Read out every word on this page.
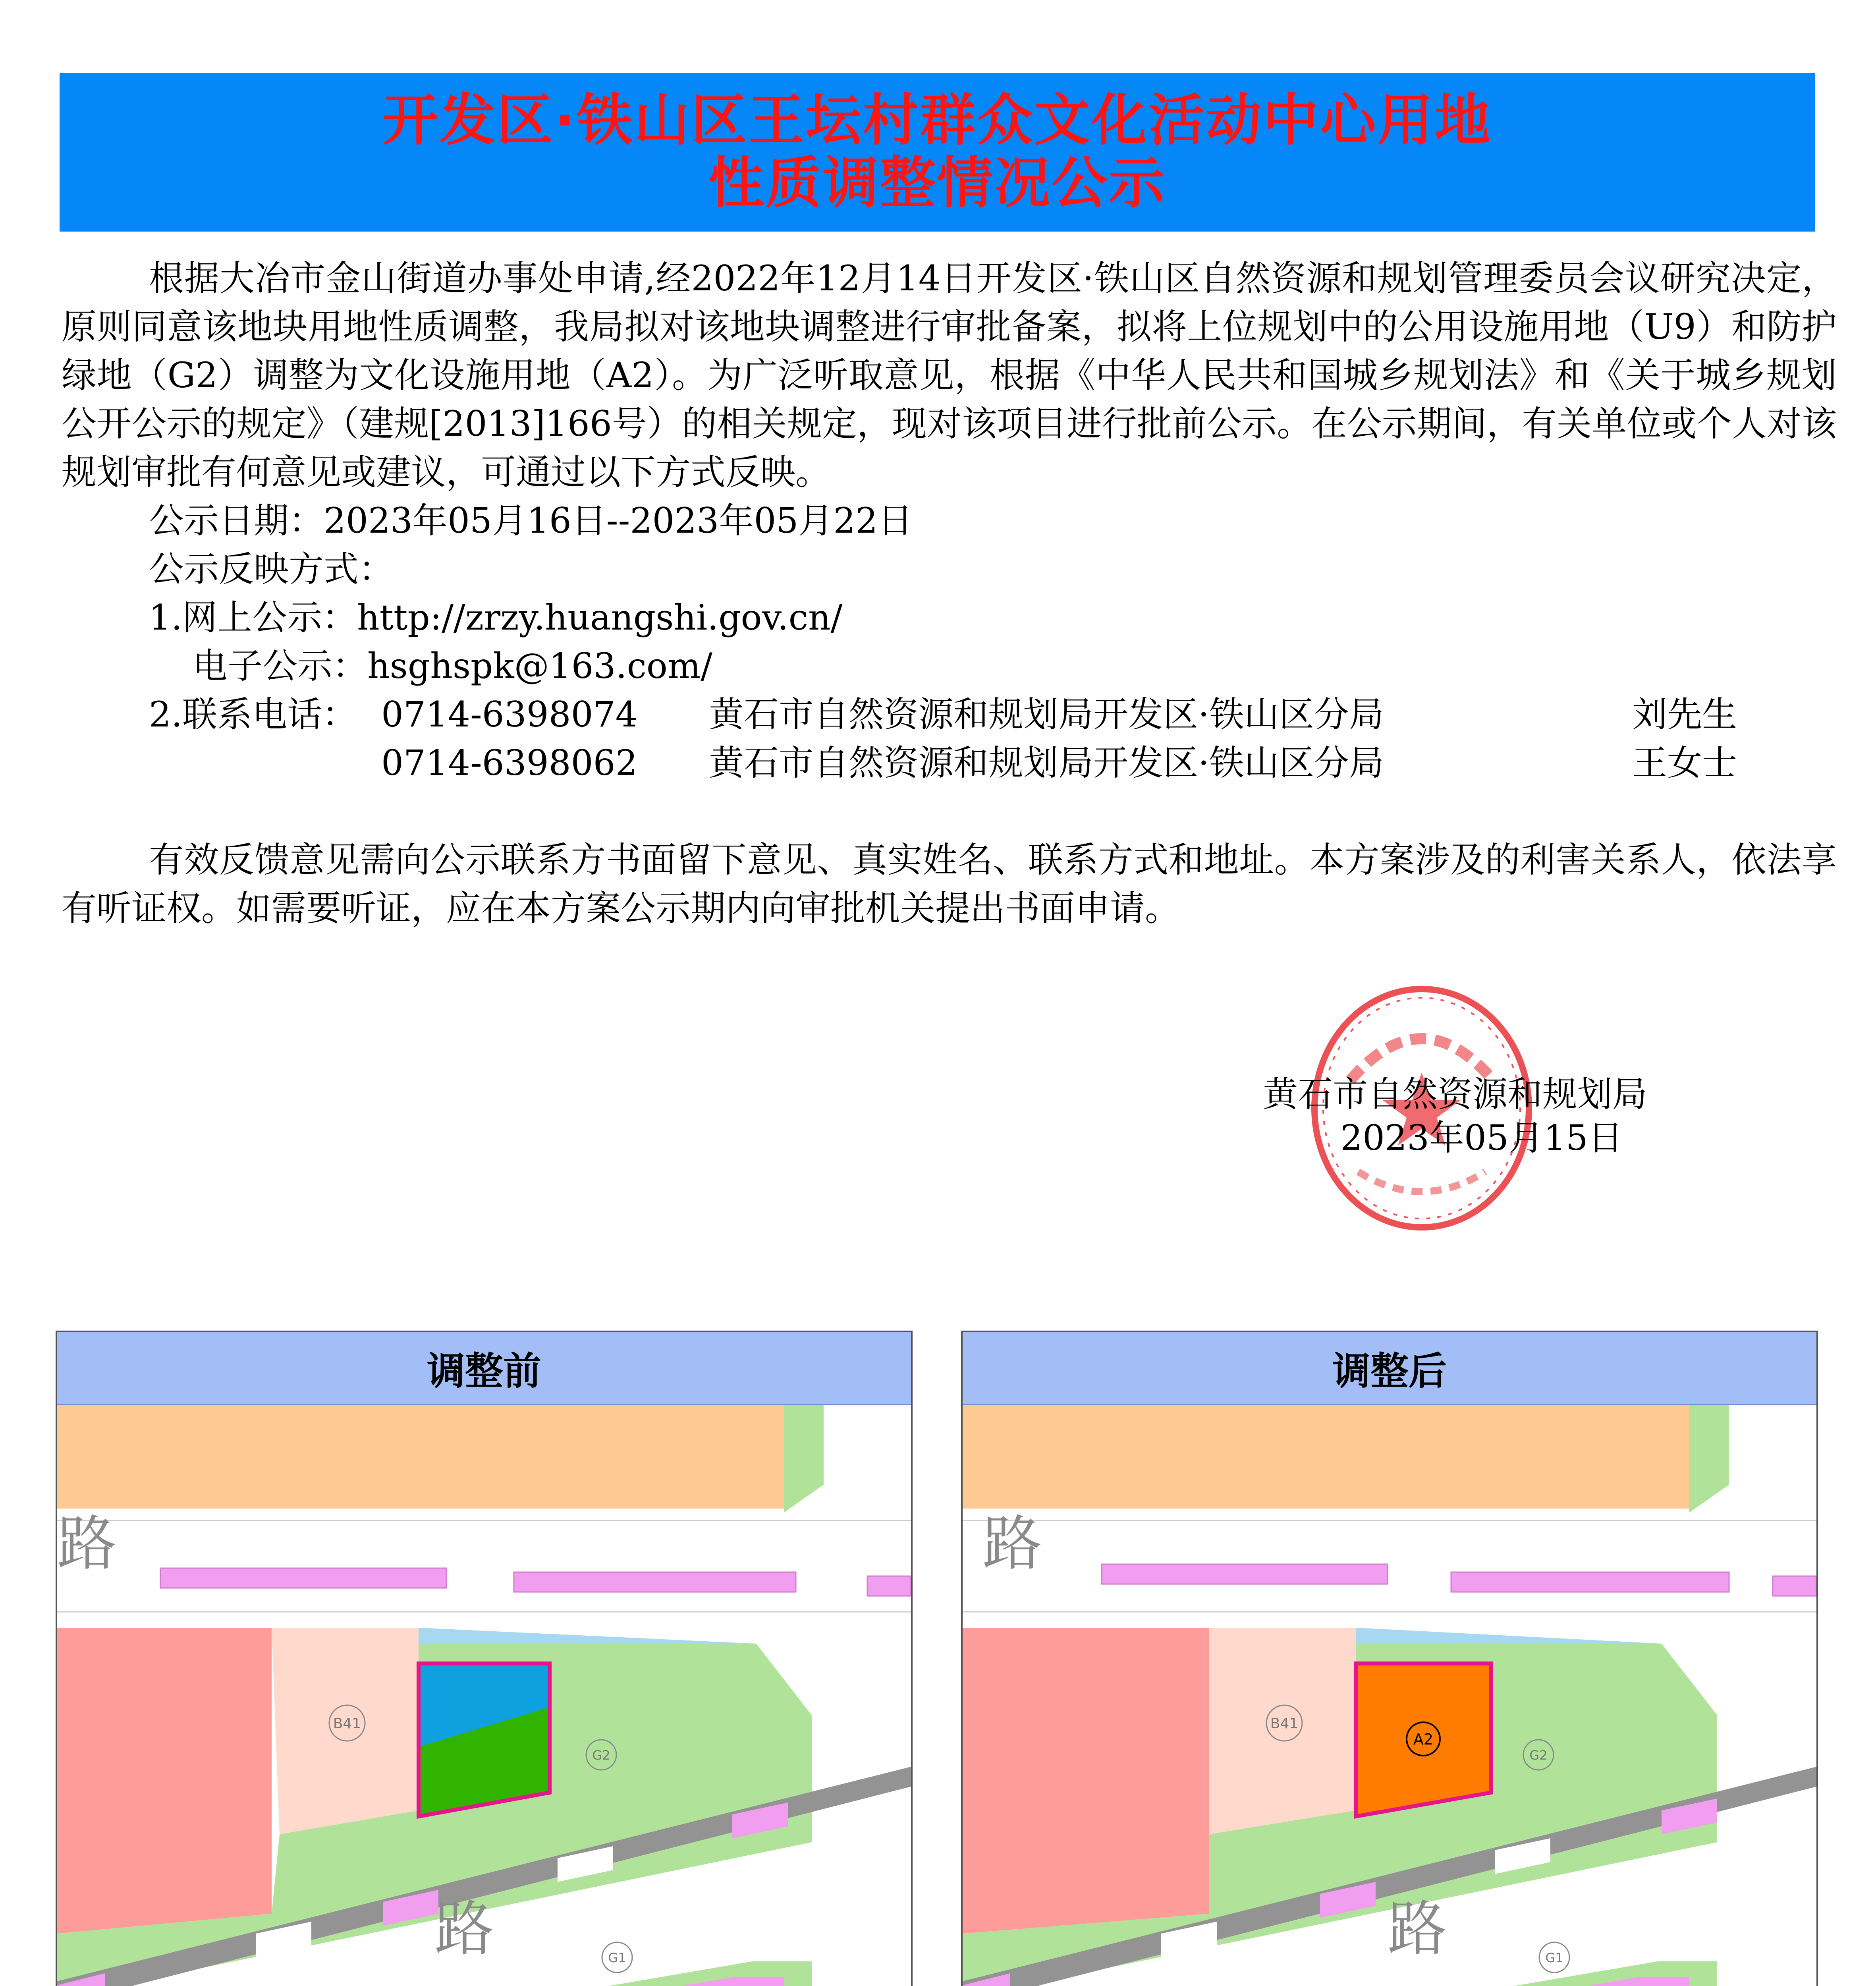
开发区·铁山区王坛村群众文化活动中心用地
性质调整情况公示

根据大冶市金山街道办事处申请,经2022年12月14日开发区·铁山区自然资源和规划管理委员会议研究决定，原则同意该地块用地性质调整，我局拟对该地块调整进行审批备案，拟将上位规划中的公用设施用地（U9）和防护绿地（G2）调整为文化设施用地（A2）。为广泛听取意见，根据《中华人民共和国城乡规划法》和《关于城乡规划公开公示的规定》（建规[2013]166号）的相关规定，现对该项目进行批前公示。在公示期间，有关单位或个人对该规划审批有何意见或建议，可通过以下方式反映。

公示日期：2023年05月16日--2023年05月22日

公示反映方式：

1.网上公示：http://zrzy.huangshi.gov.cn/

电子公示：hsghspk@163.com/

2.联系电话： 0714-6398074 黄石市自然资源和规划局开发区·铁山区分局	刘先生
0714-6398062 黄石市自然资源和规划局开发区·铁山区分局	王女士

有效反馈意见需向公示联系方书面留下意见、真实姓名、联系方式和地址。本方案涉及的利害关系人，依法享有听证权。如需要听证，应在本方案公示期内向审批机关提出书面申请。

黄石市自然资源和规划局
2023年05月15日
调整前
路
路
B41
G2
G1
调整后
A2
路
路
B41
G2
G1
